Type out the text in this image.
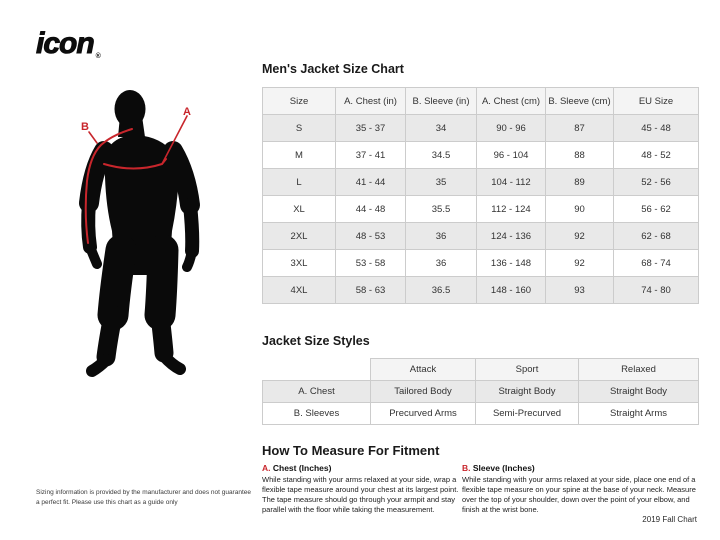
icon ®
B
A
Men's Jacket Size Chart
Size	A. Chest (in)	B. Sleeve (in)	A. Chest (cm)	B. Sleeve (cm)	EU Size
S	35 - 37	34	90 - 96	87	45 - 48
M	37 - 41	34.5	96 - 104	88	48 - 52
L	41 - 44	35	104 - 112	89	52 - 56
XL	44 - 48	35.5	112 - 124	90	56 - 62
2XL	48 - 53	36	124 - 136	92	62 - 68
3XL	53 - 58	36	136 - 148	92	68 - 74
4XL	58 - 63	36.5	148 - 160	93	74 - 80
Jacket Size Styles
	Attack	Sport	Relaxed
A. Chest	Tailored Body	Straight Body	Straight Body
B. Sleeves	Precurved Arms	Semi-Precurved	Straight Arms
How To Measure For Fitment
A. Chest (Inches)
While standing with your arms relaxed at your side, wrap a flexible tape measure around your chest at its largest point. The tape measure should go through your armpit and stay parallel with the floor while taking the measurement.
B. Sleeve (Inches)
While standing with your arms relaxed at your side, place one end of a flexible tape measure on your spine at the base of your neck. Measure over the top of your shoulder, down over the point of your elbow, and finish at the wrist bone.
Sizing information is provided by the manufacturer and does not guarantee a perfect fit. Please use this chart as a guide only
2019 Fall Chart
